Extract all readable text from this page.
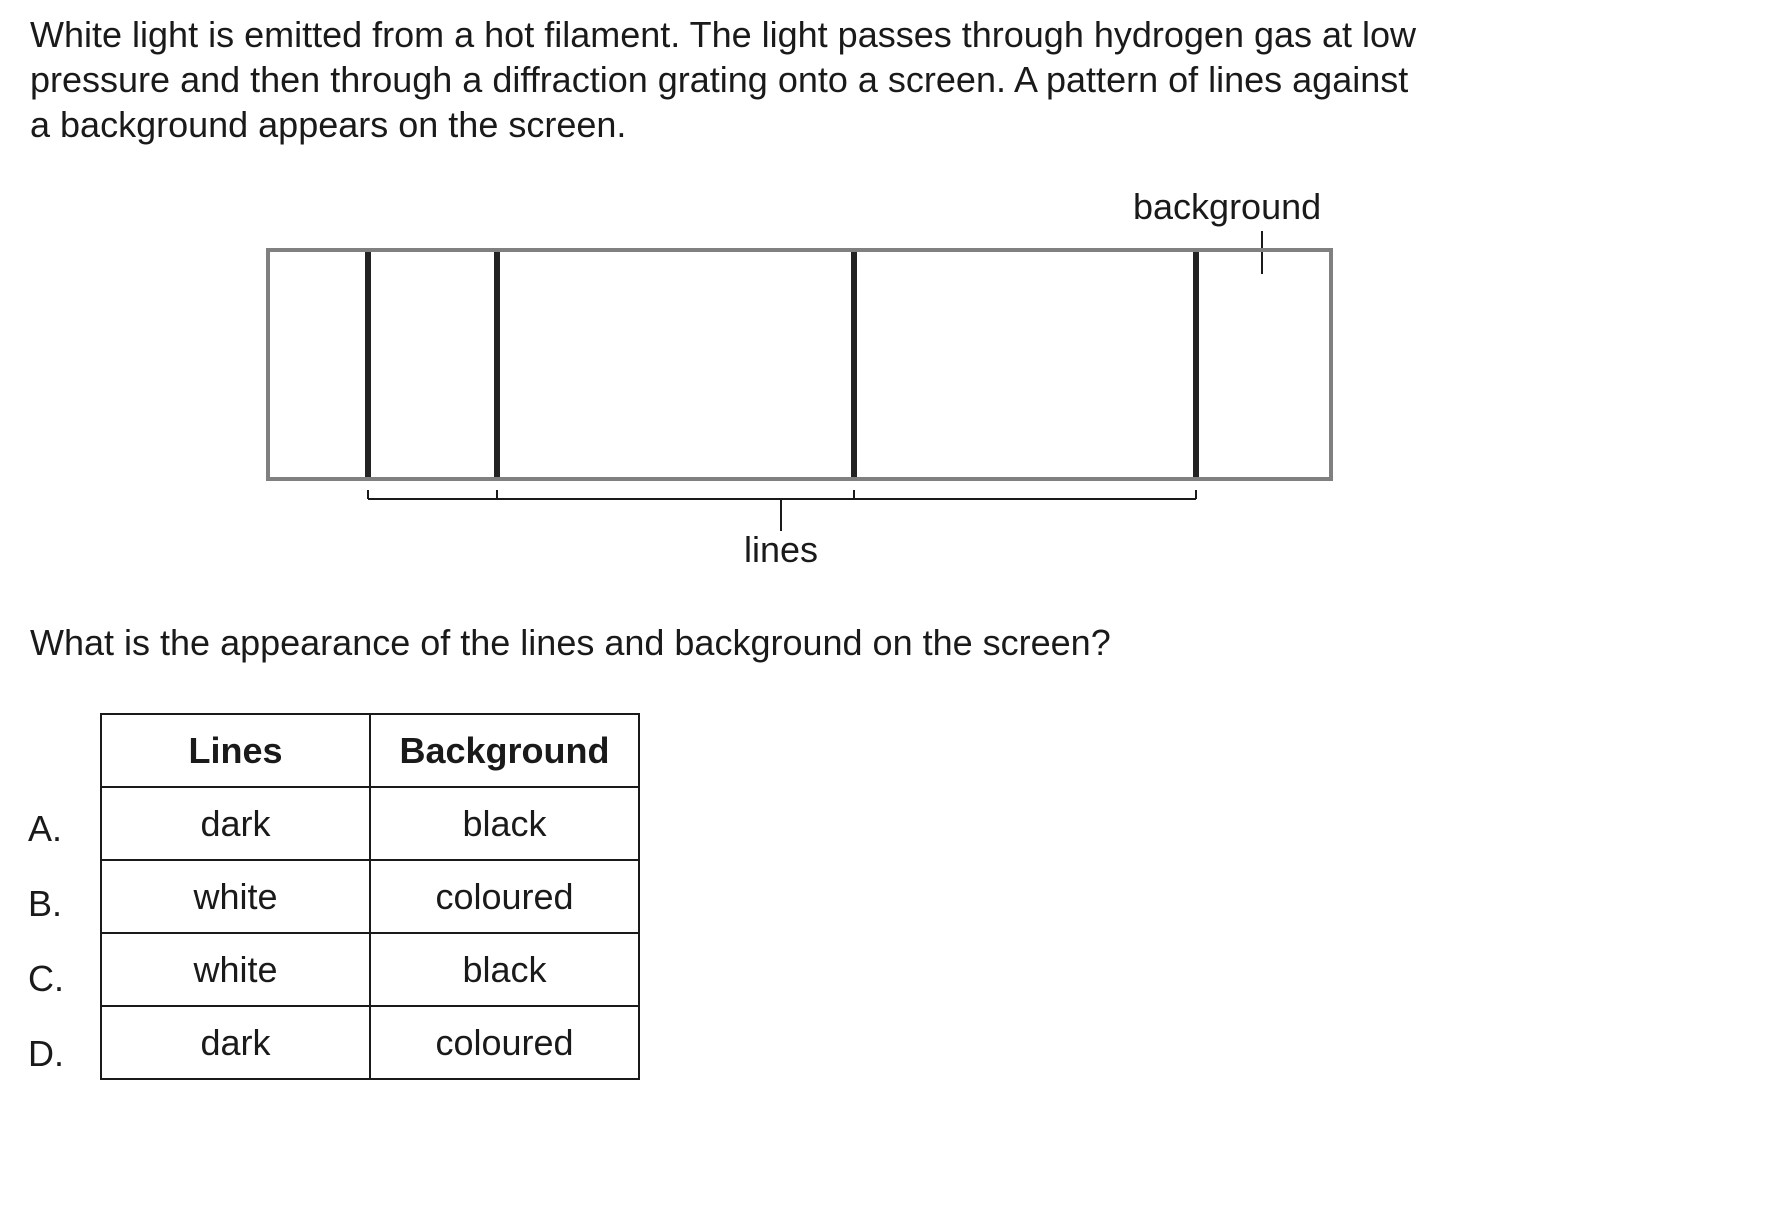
White light is emitted from a hot filament. The light passes through hydrogen gas at low
pressure and then through a diffraction grating onto a screen. A pattern of lines against
a background appears on the screen.

background
lines

What is the appearance of the lines and background on the screen?

A.
B.
C.
D.
Lines	Background
dark	black
white	coloured
white	black
dark	coloured
